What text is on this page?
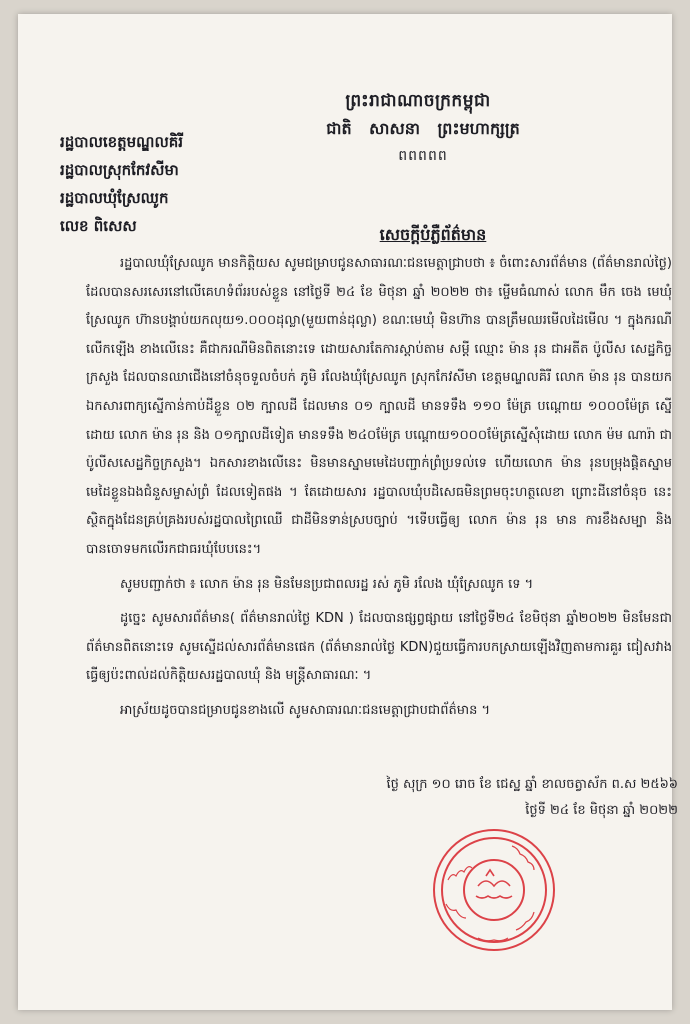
ព្រះរាជាណាចក្រកម្ពុជា
ជាតិ សាសនា ព្រះមហាក្សត្រ
ពពពពព
រដ្ឋបាលខេត្តមណ្ឌលគិរី
រដ្ឋបាលស្រុកកែវសីមា
រដ្ឋបាលឃុំស្រែឈូក
លេខ ពិសេស	សេចក្តីបំភ្លឺព័ត៌មាន

រដ្ឋបាលឃុំស្រែឈូក មានកិត្តិយស សូមជម្រាបជូនសាធារណៈជនមេត្តាជ្រាបថា ៖ ចំពោះសារព័ត៌មាន (ព័ត៌មានរាល់ថ្ងៃ) ដែលបានសរសេរនៅលើគេហទំព័ររបស់ខ្លួន នៅថ្ងៃទី ២៤ ខែ មិថុនា ឆ្នាំ ២០២២ ថា៖ ម្ចើមធំណាស់ លោក មឹក ចេង មេឃុំស្រែឈូក ហ៊ានបង្គាប់យកលុយ១.០០០ដុល្លា(មួយពាន់ដុល្លា) ខណៈមេឃុំ មិនហ៊ាន បានត្រឹមឈរមើលដៃមើល ។ ក្នុងករណីលើកឡើង ខាងលើនេះ គឺជាករណីមិនពិតនោះទេ ដោយសារតែការស្តាប់តាម សម្តី ឈ្មោះ ម៉ាន រុន ជាអតីត ប៉ូលីស សេដ្ឋកិច្ច ក្រសួង ដែលបានឈាជើងនៅចំនុចទួលចំបក់ ភូមិ រលែងឃុំស្រែឈូក ស្រុកកែវសីមា ខេត្តមណ្ឌលគិរី លោក ម៉ាន រុន បានយកឯកសារពាក្យស្នើកាន់កាប់ដីខ្លួន ០២ ក្បាលដី ដែលមាន ០១ ក្បាលដី មានទទឹង ១១០ ម៉ែត្រ បណ្តោយ ១០០០ម៉ែត្រ ស្នើដោយ លោក ម៉ាន រុន និង ០១ក្បាលដីទៀត មានទទឹង ២៤០ម៉ែត្រ បណ្តោយ១០០០ម៉ែត្រស្នើសុំដោយ លោក ម៉ម ណារ៉ា ជាប៉ូលីសសេដ្ឋកិច្ចក្រសួង។ ឯកសារខាងលើនេះ មិនមានស្នាមមេដៃបញ្ជាក់ព្រំប្រទល់ទេ ហើយលោក ម៉ាន រុនបម្រុងផ្តិតស្នាមមេដៃខ្លួនឯងជំនួសម្ចាស់ព្រំ ដែលទៀតផង ។ តែដោយសារ រដ្ឋបាលឃុំបដិសេធមិនព្រមចុះហត្ថលេខា ព្រោះដីនៅចំនុច នេះ ស្ថិតក្នុងដែនគ្រប់គ្រងរបស់រដ្ឋបាលព្រៃឈើ ជាដីមិនទាន់ស្របច្បាប់ ។ទើបធ្វើឲ្យ លោក ម៉ាន រុន មាន ការខឹងសម្បា និង បានចោទមកលើរកជាធរឃុំបែបនេះ។

សូមបញ្ជាក់ថា ៖ លោក ម៉ាន រុន មិនមែនប្រជាពលរដ្ឋ រស់ ភូមិ រលែង ឃុំស្រែឈូក ទេ ។

ដូច្នេះ សូមសារព័ត៌មាន( ព័ត៌មានរាល់ថ្ងៃ KDN ) ដែលបានផ្សព្វផ្សាយ នៅថ្ងៃទី២៤ ខែមិថុនា ឆ្នាំ២០២២ មិនមែនជាព័ត៌មានពិតនោះទេ សូមស្នើដល់សារព័ត៌មានផេក (ព័ត៌មានរាល់ថ្ងៃ KDN)ជួយធ្វើការបកស្រាយឡើងវិញតាមការគួរ ជៀសវាងធ្វើឲ្យប៉ះពាល់ដល់កិត្តិយសរដ្ឋបាលឃុំ និង មន្ត្រីសាធារណៈ ។

អាស្រ័យដូចបានជម្រាបជូនខាងលើ សូមសាធារណៈជនមេត្តាជ្រាបជាព័ត៌មាន ។

ថ្ងៃ សុក្រ ១០ រោច ខែ ជេស្ឋ ឆ្នាំ ខាលចត្វាស័ក ព.ស ២៥៦៦
ថ្ងៃទី ២៤ ខែ មិថុនា ឆ្នាំ ២០២២
